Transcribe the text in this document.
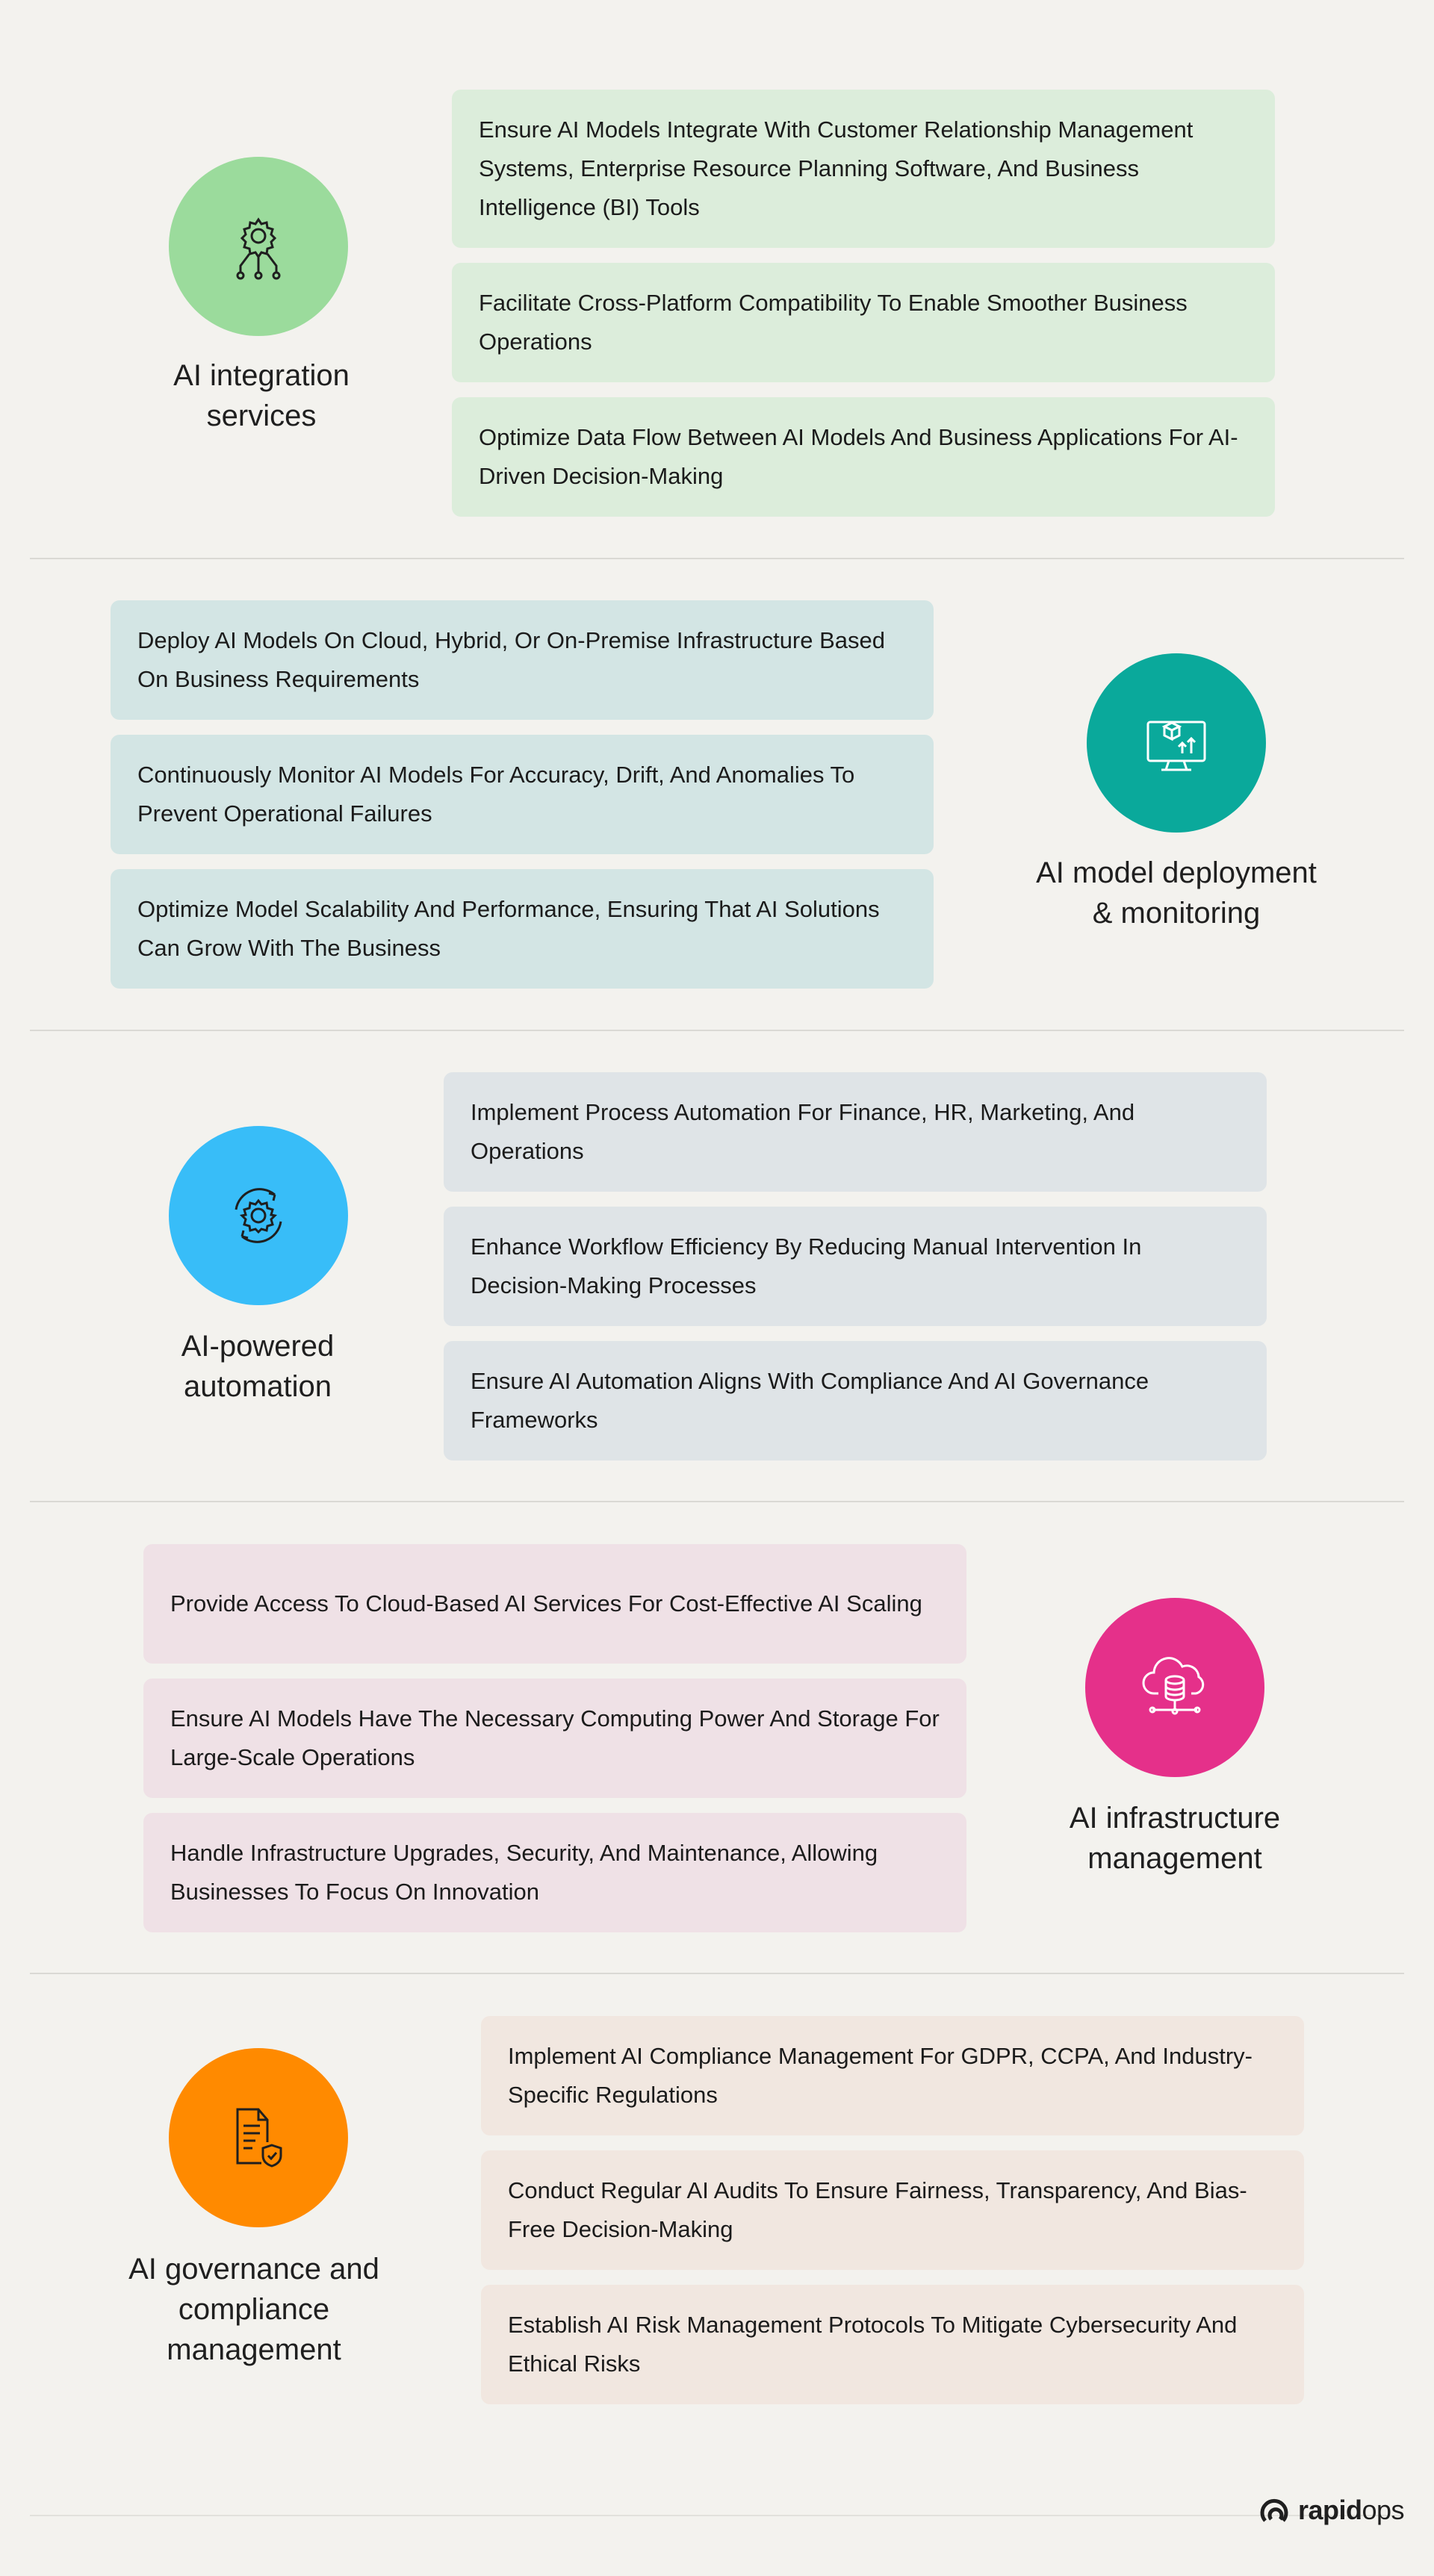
AI integration
services
Ensure AI Models Integrate With Customer Relationship Management Systems, Enterprise Resource Planning Software, And Business Intelligence (BI) Tools
Facilitate Cross-Platform Compatibility To Enable Smoother Business Operations
Optimize Data Flow Between AI Models And Business Applications For AI-Driven Decision-Making
Deploy AI Models On Cloud, Hybrid, Or On-Premise Infrastructure Based On Business Requirements
Continuously Monitor AI Models For Accuracy, Drift, And Anomalies To Prevent Operational Failures
Optimize Model Scalability And Performance, Ensuring That AI Solutions Can Grow With The Business
AI model deployment
& monitoring
AI-powered
automation
Implement Process Automation For Finance, HR, Marketing, And Operations
Enhance Workflow Efficiency By Reducing Manual Intervention In Decision-Making Processes
Ensure AI Automation Aligns With Compliance And AI Governance Frameworks
Provide Access To Cloud-Based AI Services For Cost-Effective AI Scaling
Ensure AI Models Have The Necessary Computing Power And Storage For Large-Scale Operations
Handle Infrastructure Upgrades, Security, And Maintenance, Allowing Businesses To Focus On Innovation
AI infrastructure
management
AI governance and
compliance
management
Implement AI Compliance Management For GDPR, CCPA, And Industry-Specific Regulations
Conduct Regular AI Audits To Ensure Fairness, Transparency, And Bias-Free Decision-Making
Establish AI Risk Management Protocols To Mitigate Cybersecurity And Ethical Risks
rapidops
